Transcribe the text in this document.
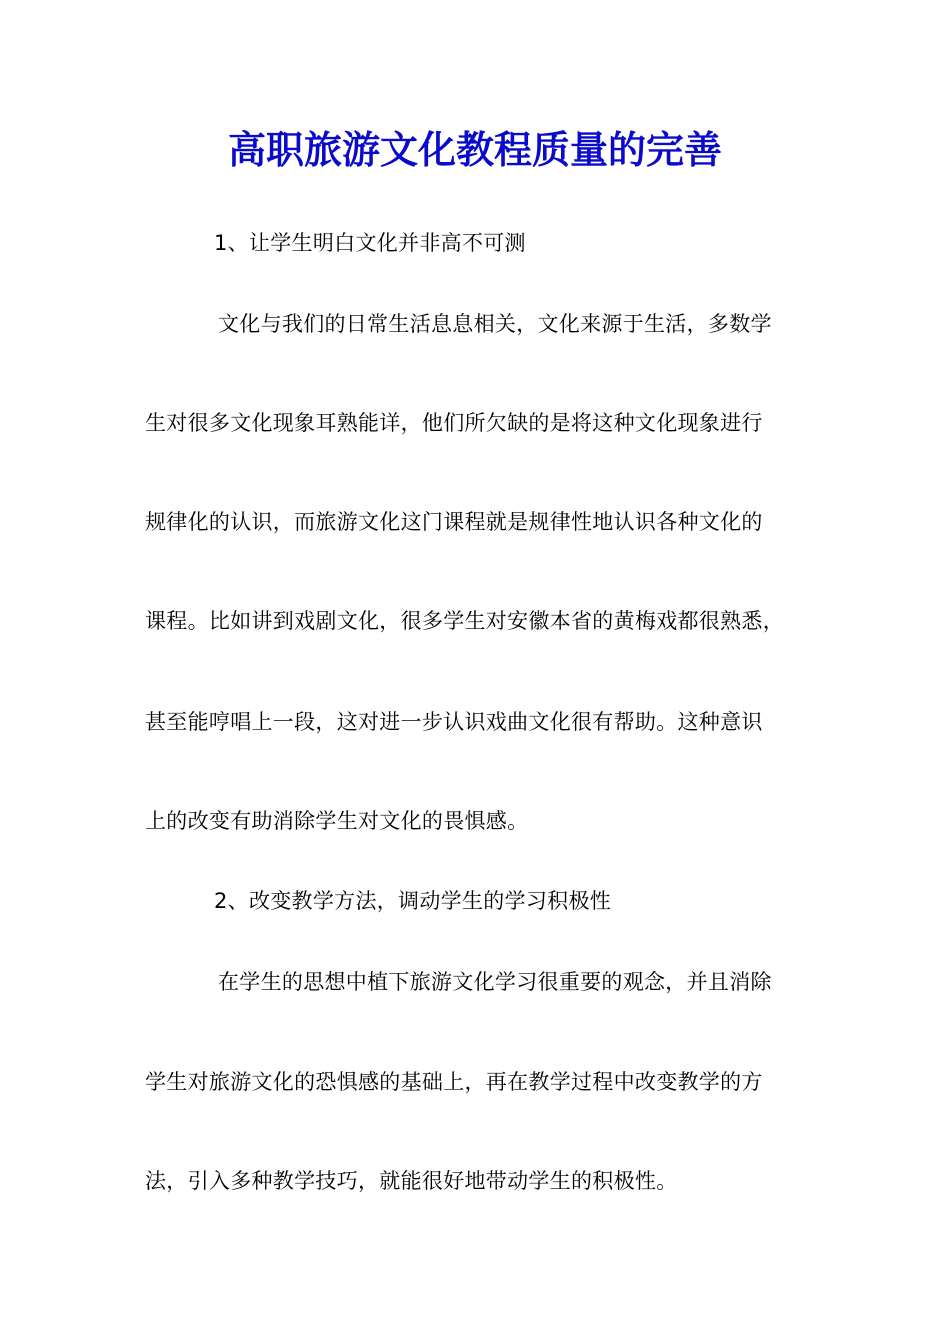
高职旅游文化教程质量的完善
1、让学生明白文化并非高不可测
文化与我们的日常生活息息相关，文化来源于生活，多数学
生对很多文化现象耳熟能详，他们所欠缺的是将这种文化现象进行
规律化的认识，而旅游文化这门课程就是规律性地认识各种文化的
课程。比如讲到戏剧文化，很多学生对安徽本省的黄梅戏都很熟悉，
甚至能哼唱上一段，这对进一步认识戏曲文化很有帮助。这种意识
上的改变有助消除学生对文化的畏惧感。
2、改变教学方法，调动学生的学习积极性
在学生的思想中植下旅游文化学习很重要的观念，并且消除
学生对旅游文化的恐惧感的基础上，再在教学过程中改变教学的方
法，引入多种教学技巧，就能很好地带动学生的积极性。
